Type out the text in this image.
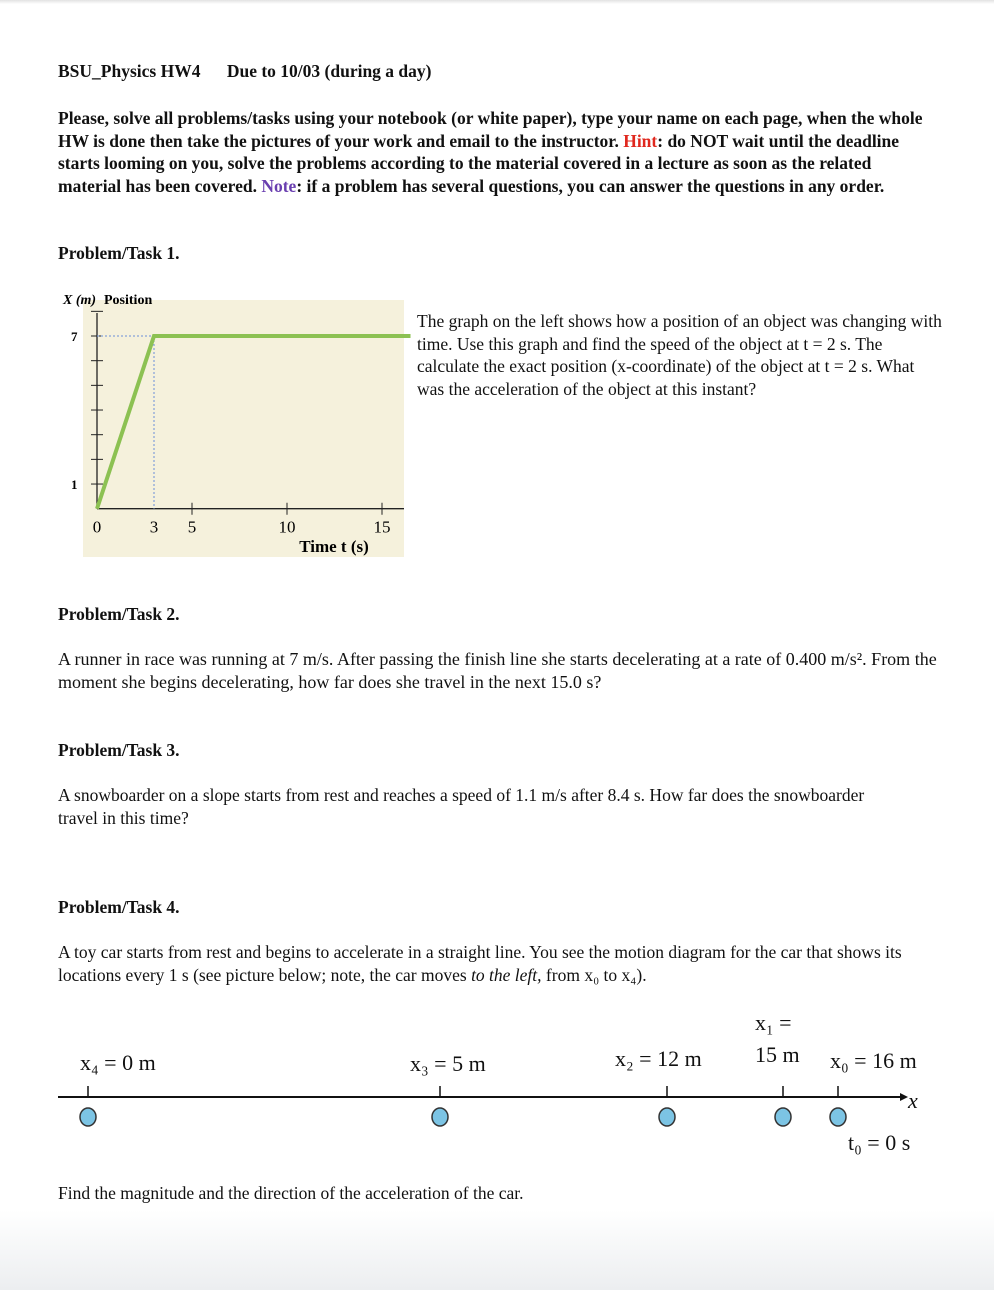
BSU_Physics HW4 Due to 10/03 (during a day)
Please, solve all problems/tasks using your notebook (or white paper), type your name on each page, when the whole HW is done then take the pictures of your work and email to the instructor. Hint: do NOT wait until the deadline starts looming on you, solve the problems according to the material covered in a lecture as soon as the related material has been covered. Note: if a problem has several questions, you can answer the questions in any order.
Problem/Task 1.
X (m) Position
1
7
0	3 5	10	15
Time t (s)
The graph on the left shows how a position of an object was changing with time. Use this graph and find the speed of the object at t = 2 s. The calculate the exact position (x-coordinate) of the object at t = 2 s. What was the acceleration of the object at this instant?
Problem/Task 2.
A runner in race was running at 7 m/s. After passing the finish line she starts decelerating at a rate of 0.400 m/s². From the moment she begins decelerating, how far does she travel in the next 15.0 s?
Problem/Task 3.
A snowboarder on a slope starts from rest and reaches a speed of 1.1 m/s after 8.4 s. How far does the snowboarder travel in this time?
Problem/Task 4.
A toy car starts from rest and begins to accelerate in a straight line. You see the motion diagram for the car that shows its locations every 1 s (see picture below; note, the car moves to the left, from x₀ to x₄).
x₄ = 0 m	x₃ = 5 m	x₂ = 12 m
x₁ =
15 m x₀ = 16 m
x
t₀ = 0 s
Find the magnitude and the direction of the acceleration of the car.
